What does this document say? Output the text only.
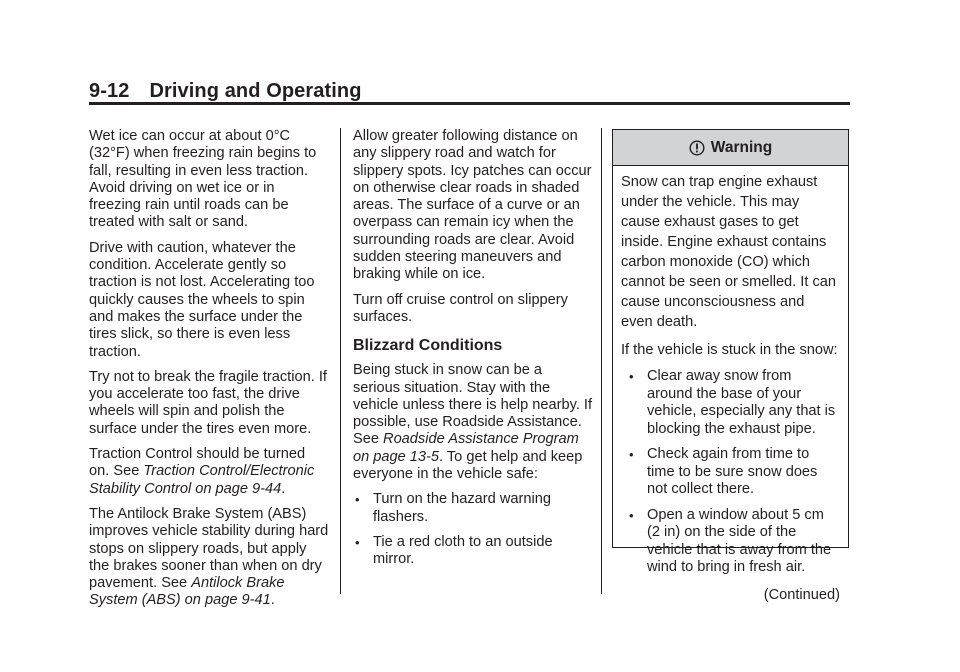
9-12 Driving and Operating

Wet ice can occur at about 0°C (32°F) when freezing rain begins to fall, resulting in even less traction. Avoid driving on wet ice or in freezing rain until roads can be treated with salt or sand.

Drive with caution, whatever the condition. Accelerate gently so traction is not lost. Accelerating too quickly causes the wheels to spin and makes the surface under the tires slick, so there is even less traction.

Try not to break the fragile traction. If you accelerate too fast, the drive wheels will spin and polish the surface under the tires even more.

Traction Control should be turned on. See Traction Control/Electronic Stability Control on page 9‑44.

The Antilock Brake System (ABS) improves vehicle stability during hard stops on slippery roads, but apply the brakes sooner than when on dry pavement. See Antilock Brake System (ABS) on page 9‑41.

Allow greater following distance on any slippery road and watch for slippery spots. Icy patches can occur on otherwise clear roads in shaded areas. The surface of a curve or an overpass can remain icy when the surrounding roads are clear. Avoid sudden steering maneuvers and braking while on ice.

Turn off cruise control on slippery surfaces.

Blizzard Conditions

Being stuck in snow can be a serious situation. Stay with the vehicle unless there is help nearby. If possible, use Roadside Assistance. See Roadside Assistance Program on page 13‑5. To get help and keep everyone in the vehicle safe:

• Turn on the hazard warning flashers.
• Tie a red cloth to an outside mirror.
Warning

Snow can trap engine exhaust under the vehicle. This may cause exhaust gases to get inside. Engine exhaust contains carbon monoxide (CO) which cannot be seen or smelled. It can cause unconsciousness and even death.

If the vehicle is stuck in the snow:

• Clear away snow from around the base of your vehicle, especially any that is blocking the exhaust pipe.
• Check again from time to time to be sure snow does not collect there.
• Open a window about 5 cm (2 in) on the side of the vehicle that is away from the wind to bring in fresh air.
(Continued)
